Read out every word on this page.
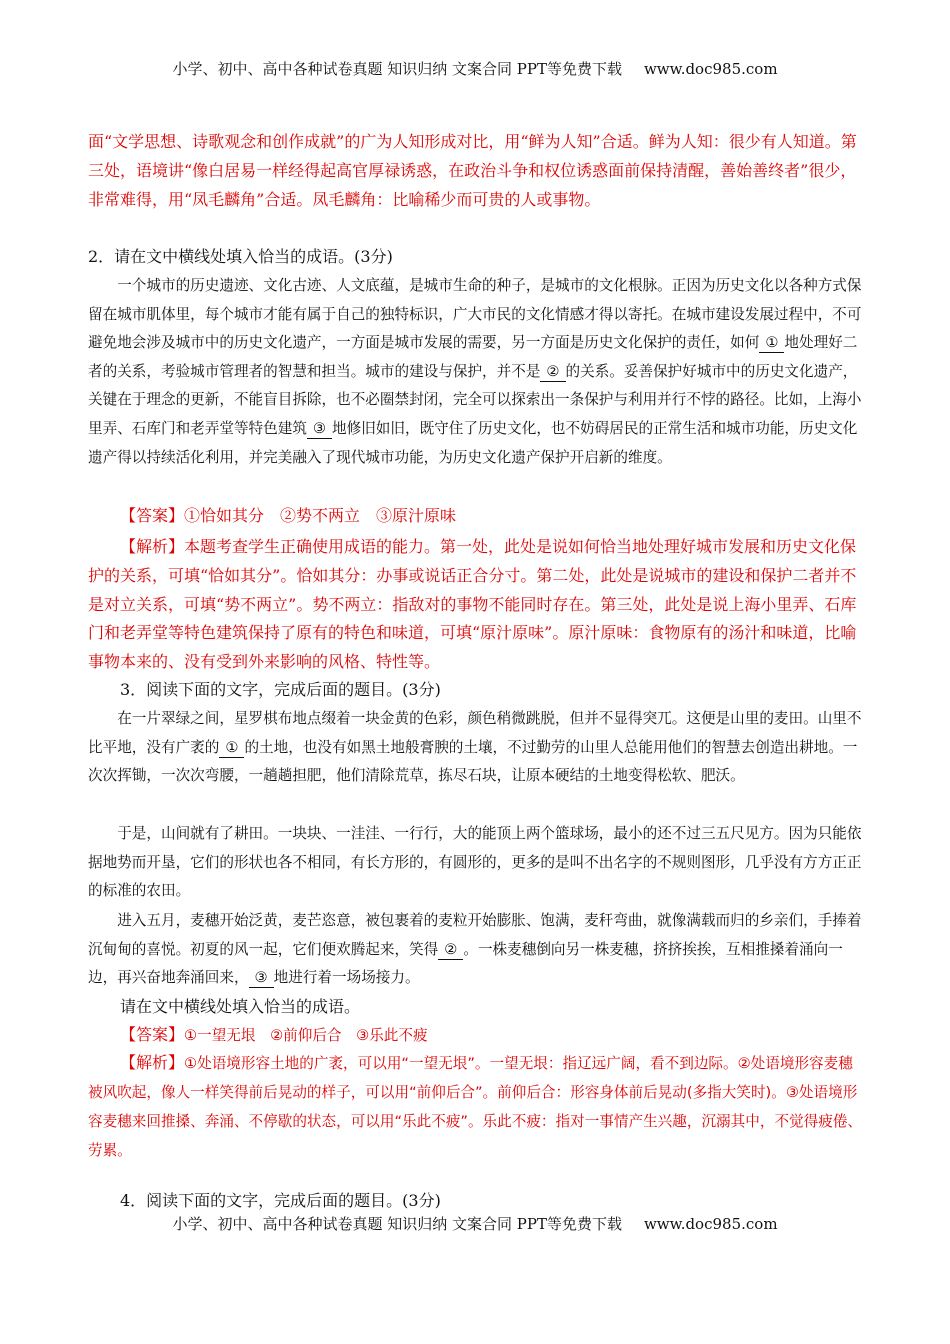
小学、初中、高中各种试卷真题 知识归纳 文案合同 PPT等免费下载 www.doc985.com

面“文学思想、诗歌观念和创作成就”的广为人知形成对比，用“鲜为人知”合适。鲜为人知：很少有人知道。第三处，语境讲“像白居易一样经得起高官厚禄诱惑，在政治斗争和权位诱惑面前保持清醒，善始善终者”很少，非常难得，用“凤毛麟角”合适。凤毛麟角：比喻稀少而可贵的人或事物。

2．请在文中横线处填入恰当的成语。(3分)

一个城市的历史遗迹、文化古迹、人文底蕴，是城市生命的种子，是城市的文化根脉。正因为历史文化以各种方式保留在城市肌体里，每个城市才能有属于自己的独特标识，广大市民的文化情感才得以寄托。在城市建设发展过程中，不可避免地会涉及城市中的历史文化遗产，一方面是城市发展的需要，另一方面是历史文化保护的责任，如何 ① 地处理好二者的关系，考验城市管理者的智慧和担当。城市的建设与保护，并不是 ② 的关系。妥善保护好城市中的历史文化遗产，关键在于理念的更新，不能盲目拆除，也不必圈禁封闭，完全可以探索出一条保护与利用并行不悖的路径。比如，上海小里弄、石库门和老弄堂等特色建筑 ③ 地修旧如旧，既守住了历史文化，也不妨碍居民的正常生活和城市功能，历史文化遗产得以持续活化利用，并完美融入了现代城市功能，为历史文化遗产保护开启新的维度。

【答案】①恰如其分　②势不两立　③原汁原味

【解析】本题考查学生正确使用成语的能力。第一处，此处是说如何恰当地处理好城市发展和历史文化保护的关系，可填“恰如其分”。恰如其分：办事或说话正合分寸。第二处，此处是说城市的建设和保护二者并不是对立关系，可填“势不两立”。势不两立：指敌对的事物不能同时存在。第三处，此处是说上海小里弄、石库门和老弄堂等特色建筑保持了原有的特色和味道，可填“原汁原味”。原汁原味：食物原有的汤汁和味道，比喻事物本来的、没有受到外来影响的风格、特性等。

3．阅读下面的文字，完成后面的题目。(3分)

在一片翠绿之间，星罗棋布地点缀着一块金黄的色彩，颜色稍微跳脱，但并不显得突兀。这便是山里的麦田。山里不比平地，没有广袤的 ① 的土地，也没有如黑土地般膏腴的土壤，不过勤劳的山里人总能用他们的智慧去创造出耕地。一次次挥锄，一次次弯腰，一趟趟担肥，他们清除荒草，拣尽石块，让原本硬结的土地变得松软、肥沃。

于是，山间就有了耕田。一块块、一洼洼、一行行，大的能顶上两个篮球场，最小的还不过三五尺见方。因为只能依据地势而开垦，它们的形状也各不相同，有长方形的，有圆形的，更多的是叫不出名字的不规则图形，几乎没有方方正正的标准的农田。

进入五月，麦穗开始泛黄，麦芒恣意，被包裹着的麦粒开始膨胀、饱满，麦秆弯曲，就像满载而归的乡亲们，手捧着沉甸甸的喜悦。初夏的风一起，它们便欢腾起来，笑得 ② 。一株麦穗倒向另一株麦穗，挤挤挨挨，互相推搡着涌向一边，再兴奋地奔涌回来， ③ 地进行着一场场接力。

请在文中横线处填入恰当的成语。

【答案】①一望无垠　②前仰后合　③乐此不疲

【解析】①处语境形容土地的广袤，可以用“一望无垠”。一望无垠：指辽远广阔，看不到边际。②处语境形容麦穗被风吹起，像人一样笑得前后晃动的样子，可以用“前仰后合”。前仰后合：形容身体前后晃动(多指大笑时)。③处语境形容麦穗来回推搡、奔涌、不停歇的状态，可以用“乐此不疲”。乐此不疲：指对一事情产生兴趣，沉溺其中，不觉得疲倦、劳累。

4．阅读下面的文字，完成后面的题目。(3分)

小学、初中、高中各种试卷真题 知识归纳 文案合同 PPT等免费下载 www.doc985.com
